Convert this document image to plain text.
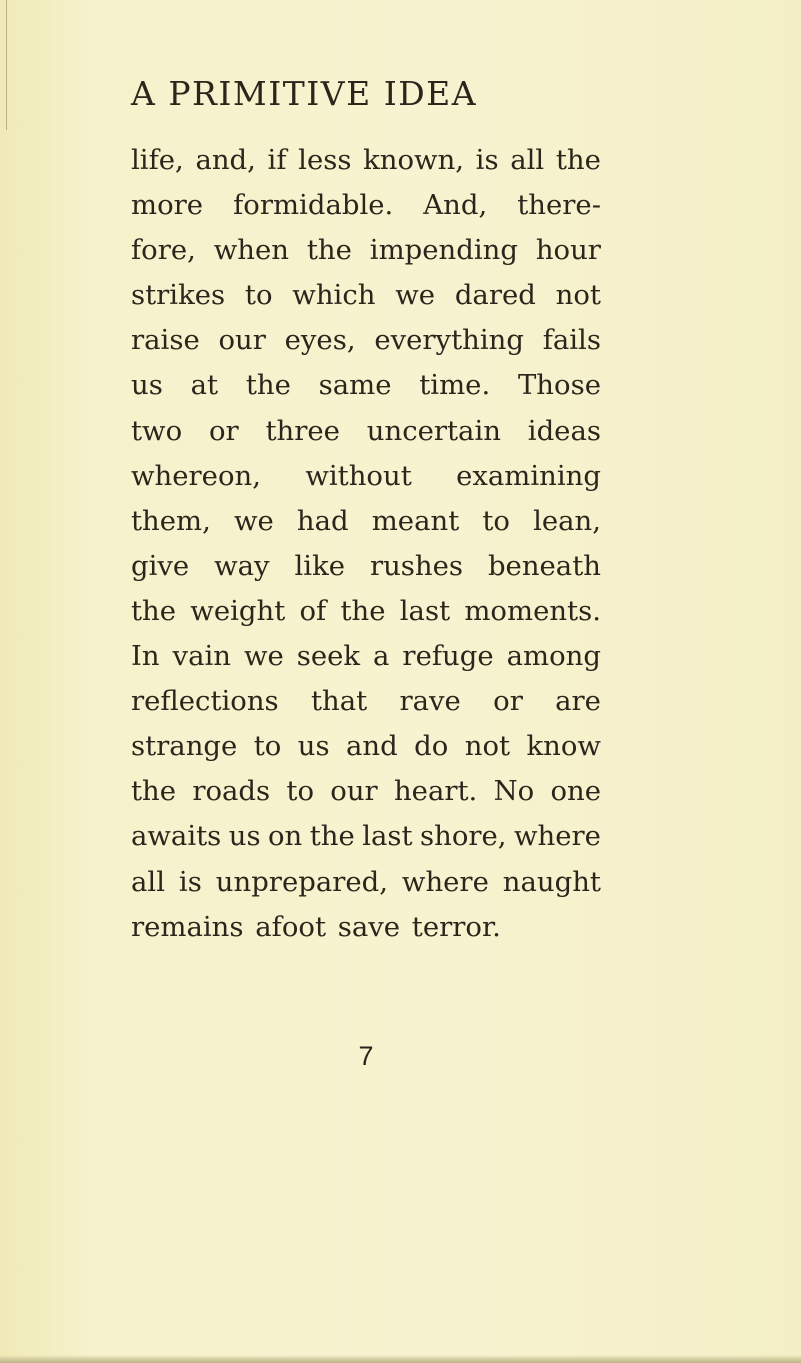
A PRIMITIVE IDEA
life, and, if less known, is all the
more formidable. And, there-
fore, when the impending hour
strikes to which we dared not
raise our eyes, everything fails
us at the same time. Those
two or three uncertain ideas
whereon, without examining
them, we had meant to lean,
give way like rushes beneath
the weight of the last moments.
In vain we seek a refuge among
reflections that rave or are
strange to us and do not know
the roads to our heart. No one
awaits us on the last shore, where
all is unprepared, where naught
remains afoot save terror.
7
